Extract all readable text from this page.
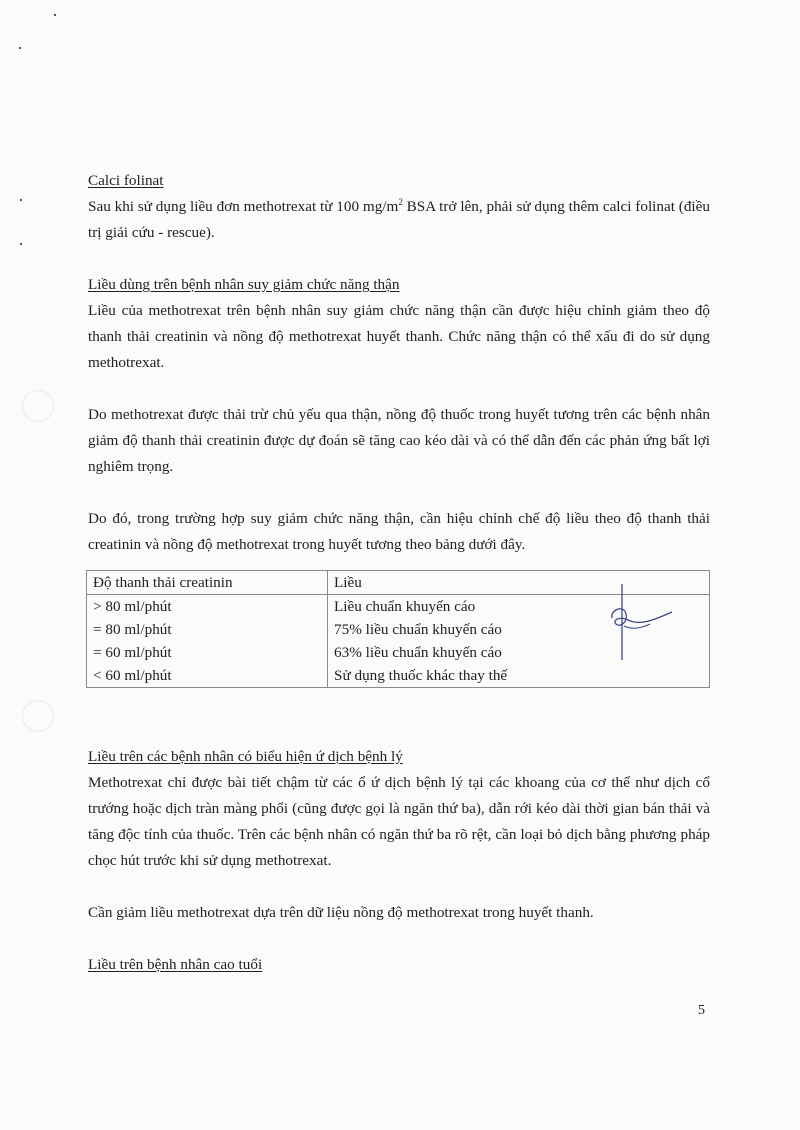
Calci folinat

Sau khi sử dụng liều đơn methotrexat từ 100 $mg/m^2$ BSA trở lên, phải sử dụng thêm calci folinat (điều trị giải cứu - rescue).

Liều dùng trên bệnh nhân suy giảm chức năng thận

Liều của methotrexat trên bệnh nhân suy giảm chức năng thận cần được hiệu chỉnh giảm theo độ thanh thải creatinin và nồng độ methotrexat huyết thanh. Chức năng thận có thể xấu đi do sử dụng methotrexat.

Do methotrexat được thải trừ chủ yếu qua thận, nồng độ thuốc trong huyết tương trên các bệnh nhân giảm độ thanh thải creatinin được dự đoán sẽ tăng cao kéo dài và có thể dẫn đến các phản ứng bất lợi nghiêm trọng.

Do đó, trong trường hợp suy giảm chức năng thận, cần hiệu chỉnh chế độ liều theo độ thanh thải creatinin và nồng độ methotrexat trong huyết tương theo bảng dưới đây.

Độ thanh thải creatinin	Liều
> 80 ml/phút	Liều chuẩn khuyến cáo
= 80 ml/phút	75% liều chuẩn khuyến cáo
= 60 ml/phút	63% liều chuẩn khuyến cáo
< 60 ml/phút	Sử dụng thuốc khác thay thế
Liều trên các bệnh nhân có biểu hiện ứ dịch bệnh lý

Methotrexat chỉ được bài tiết chậm từ các ổ ứ dịch bệnh lý tại các khoang của cơ thể như dịch cổ trướng hoặc dịch tràn màng phổi (cũng được gọi là ngăn thứ ba), dẫn rới kéo dài thời gian bán thải và tăng độc tính của thuốc. Trên các bệnh nhân có ngăn thứ ba rõ rệt, cần loại bỏ dịch bằng phương pháp chọc hút trước khi sử dụng methotrexat.

Cần giảm liều methotrexat dựa trên dữ liệu nồng độ methotrexat trong huyết thanh.

Liều trên bệnh nhân cao tuổi
5
